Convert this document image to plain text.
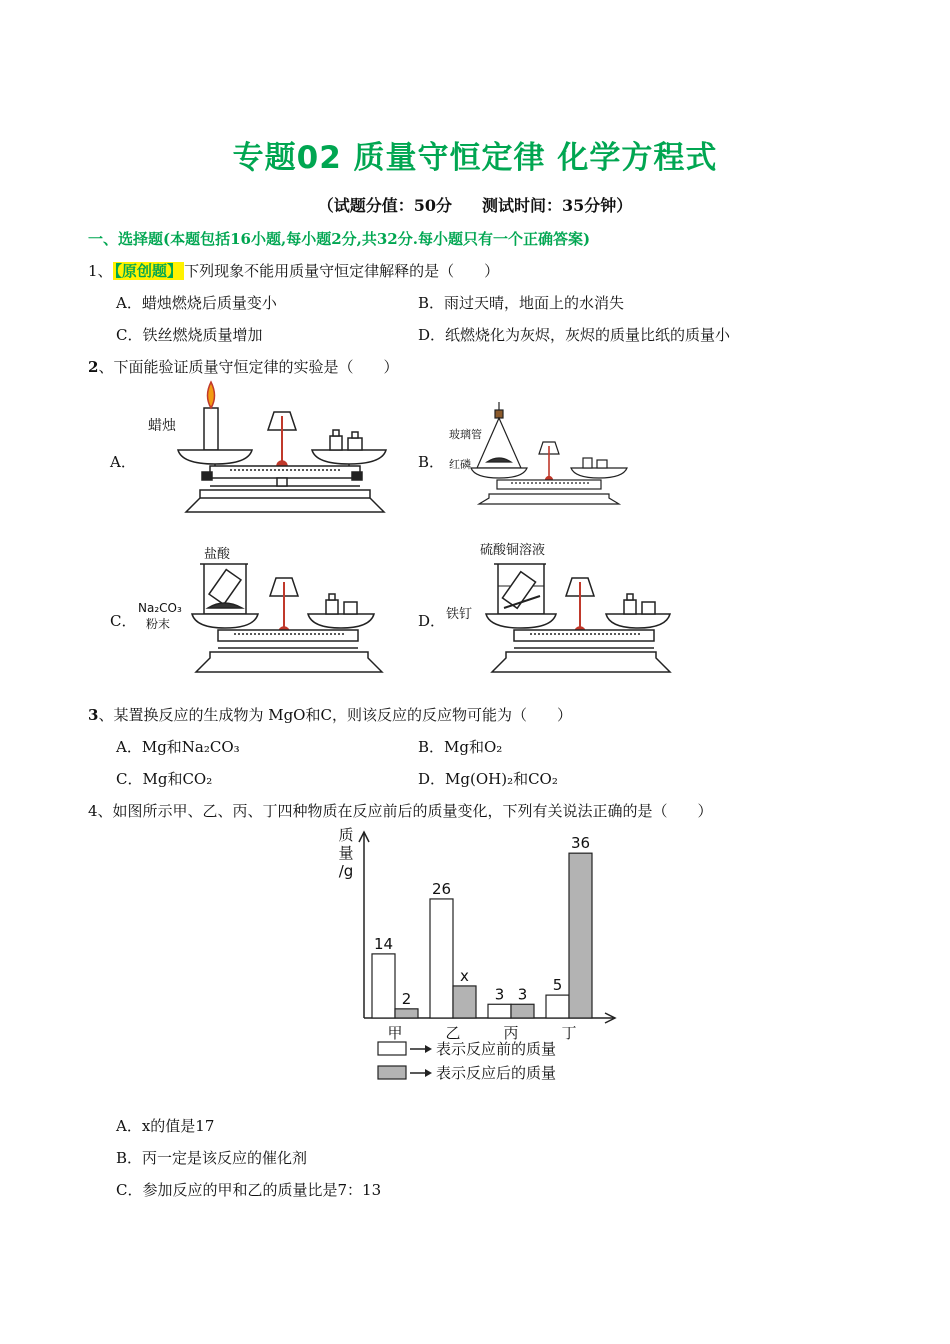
专题02 质量守恒定律 化学方程式
（试题分值：50分 测试时间：35分钟）
一、选择题(本题包括16小题,每小题2分,共32分.每小题只有一个正确答案)
1、 【原创题】 下列现象不能用质量守恒定律解释的是（　　）
A．蜡烛燃烧后质量变小	B．雨过天晴，地面上的水消失
C．铁丝燃烧质量增加	D．纸燃烧化为灰烬，灰烬的质量比纸的质量小
2、下面能验证质量守恒定律的实验是（　　）
A．	B．
C．	D．
蜡烛
玻璃管
红磷
盐酸
Na₂CO₃
粉末
硫酸铜溶液
铁钉
3、某置换反应的生成物为 MgO和C，则该反应的反应物可能为（　　）
A．Mg和Na₂CO₃	B．Mg和O₂
C．Mg和CO₂	D．Mg(OH)₂和CO₂
4、如图所示甲、乙、丙、丁四种物质在反应前后的质量变化，下列有关说法正确的是（　　）
质
量
/g
14
2
甲
26
x
乙
3 3
丙
5
36
丁
表示反应前的质量
表示反应后的质量
A．x的值是17
B．丙一定是该反应的催化剂
C．参加反应的甲和乙的质量比是7：13
